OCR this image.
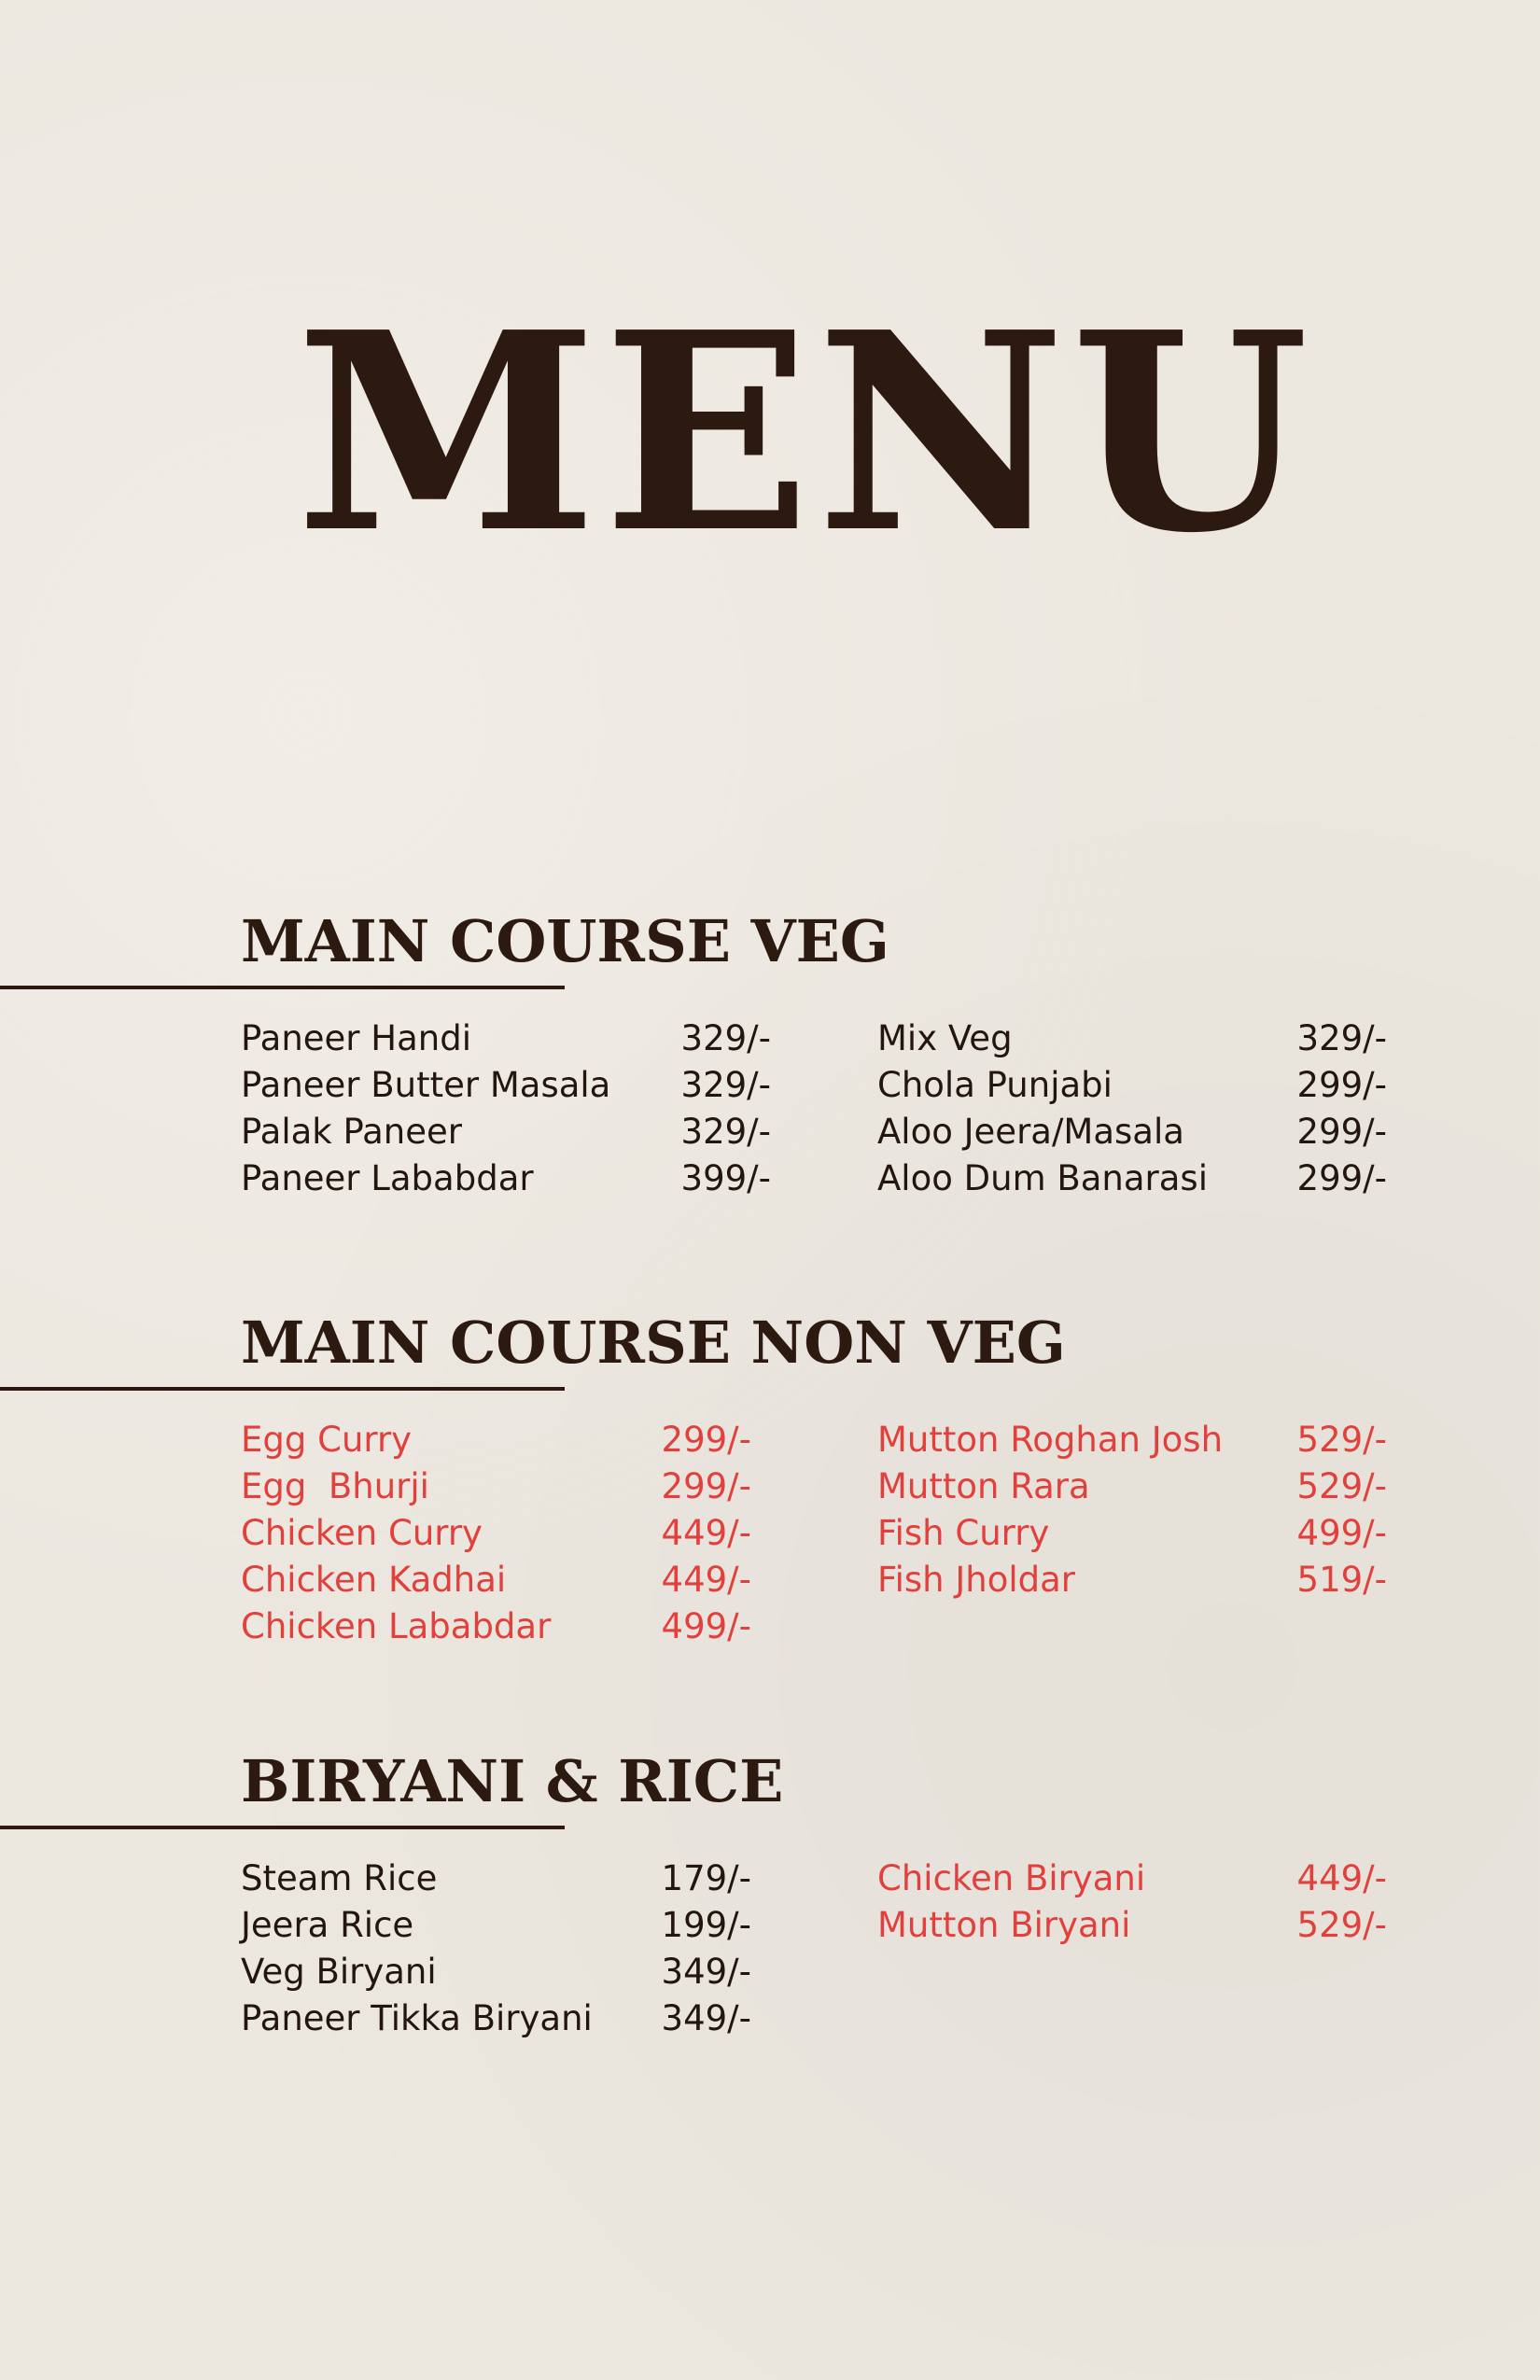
MENU
MAIN COURSE VEG
Paneer Handi	329/-
Paneer Butter Masala 329/-
Palak Paneer	329/-
Paneer Lababdar	399/-
Mix Veg	329/-
Chola Punjabi	299/-
Aloo Jeera/Masala	299/-
Aloo Dum Banarasi	299/-
MAIN COURSE NON VEG
Egg Curry	299/-
Egg  Bhurji	299/-
Chicken Curry	449/-
Chicken Kadhai	449/-
Chicken Lababdar	499/-
Mutton Roghan Josh 529/-
Mutton Rara	529/-
Fish Curry	499/-
Fish Jholdar	519/-
BIRYANI & RICE
Steam Rice	179/-
Jeera Rice	199/-
Veg Biryani	349/-
Paneer Tikka Biryani 349/-
Chicken Biryani	449/-
Mutton Biryani	529/-
